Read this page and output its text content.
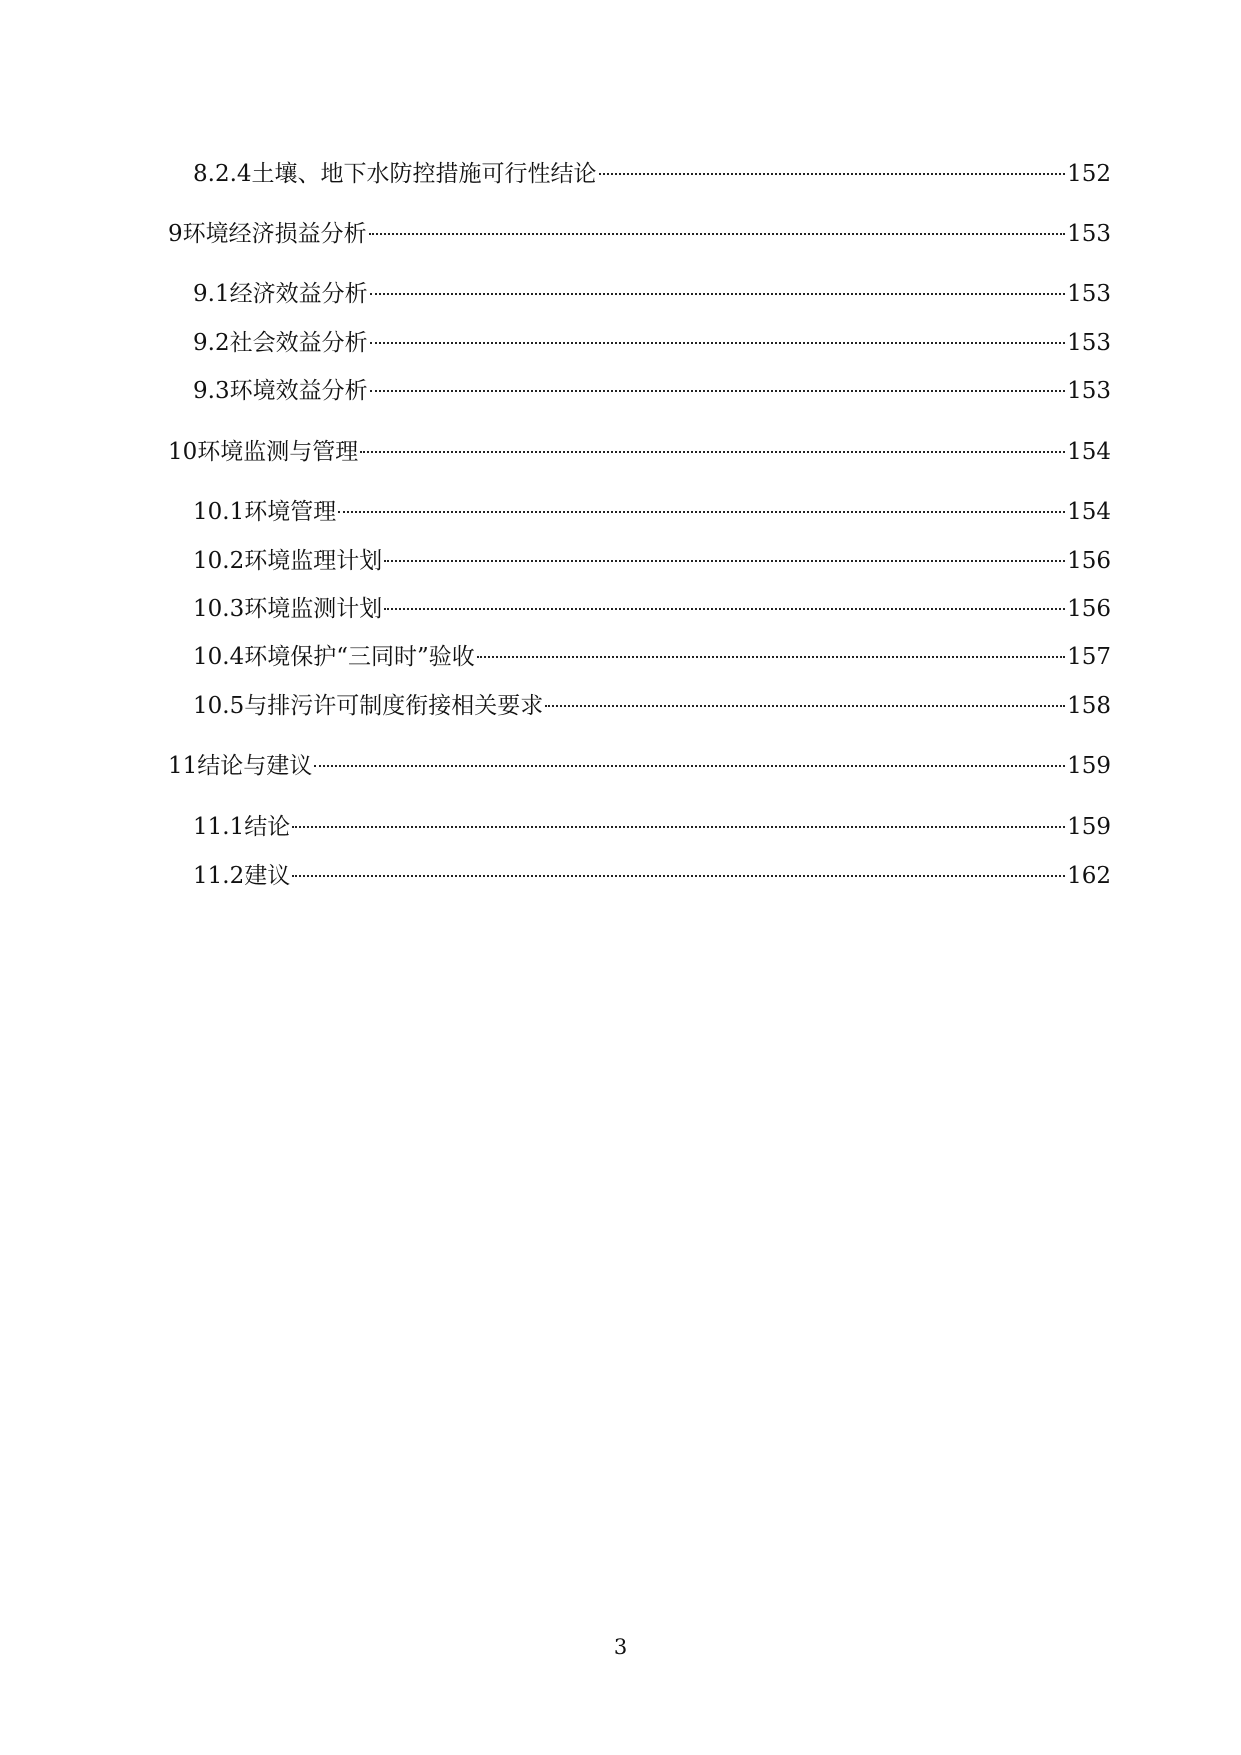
8.2.4 土壤、地下水防控措施可行性结论	152
9 环境经济损益分析	153
9.1 经济效益分析	153
9.2 社会效益分析	153
9.3 环境效益分析	153
10 环境监测与管理	154
10.1 环境管理	154
10.2 环境监理计划	156
10.3 环境监测计划	156
10.4 环境保护“三同时”验收	157
10.5 与排污许可制度衔接相关要求	158
11 结论与建议	159
11.1 结论	159
11.2 建议	162
3
